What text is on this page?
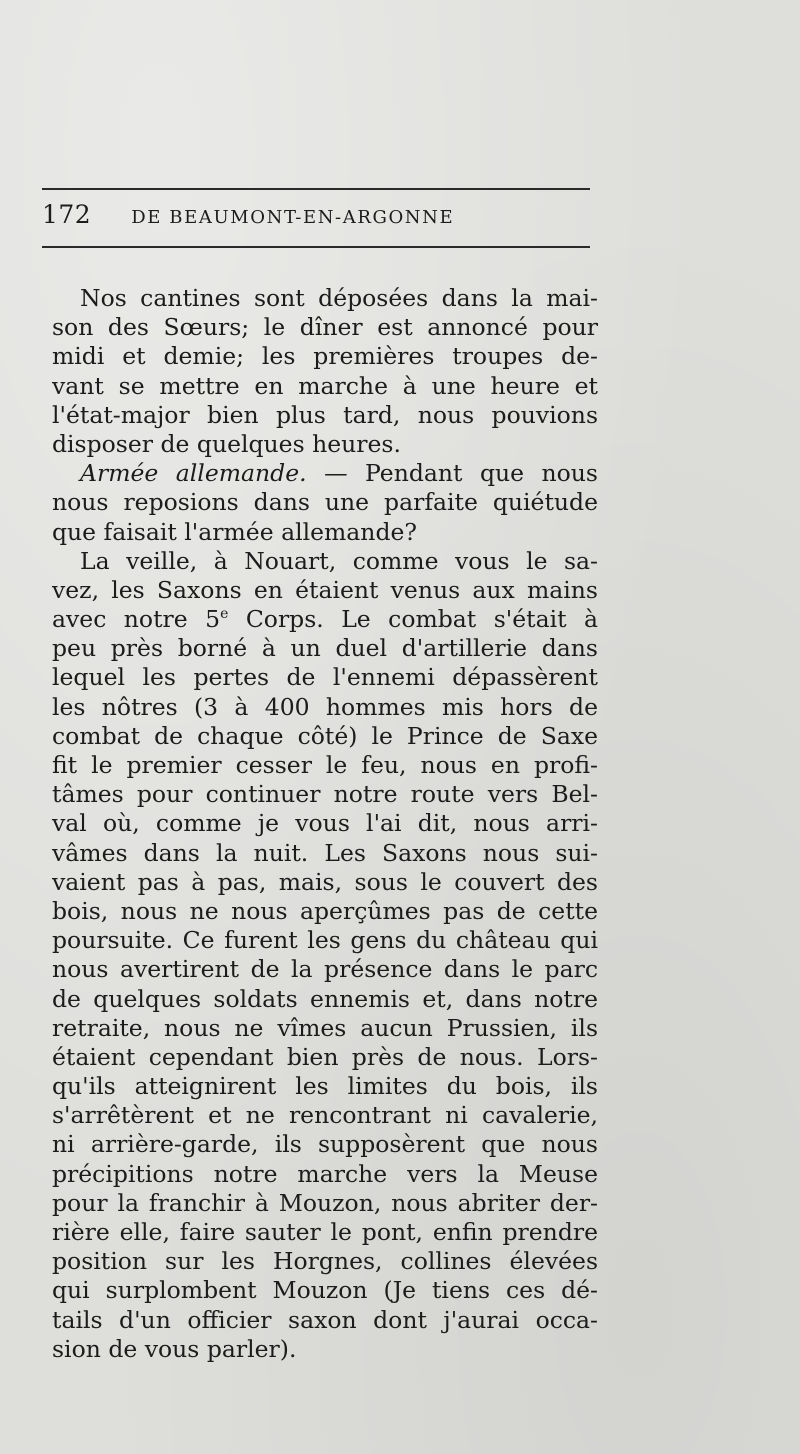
172 DE BEAUMONT-EN-ARGONNE
Nos cantines sont déposées dans la mai-
son des Sœurs; le dîner est annoncé pour
midi et demie; les premières troupes de-
vant se mettre en marche à une heure et
l'état-major bien plus tard, nous pouvions
disposer de quelques heures.
Armée allemande. — Pendant que nous
nous reposions dans une parfaite quiétude
que faisait l'armée allemande?
La veille, à Nouart, comme vous le sa-
vez, les Saxons en étaient venus aux mains
avec notre 5e Corps. Le combat s'était à
peu près borné à un duel d'artillerie dans
lequel les pertes de l'ennemi dépassèrent
les nôtres (3 à 400 hommes mis hors de
combat de chaque côté) le Prince de Saxe
fit le premier cesser le feu, nous en profi-
tâmes pour continuer notre route vers Bel-
val où, comme je vous l'ai dit, nous arri-
vâmes dans la nuit. Les Saxons nous sui-
vaient pas à pas, mais, sous le couvert des
bois, nous ne nous aperçûmes pas de cette
poursuite. Ce furent les gens du château qui
nous avertirent de la présence dans le parc
de quelques soldats ennemis et, dans notre
retraite, nous ne vîmes aucun Prussien, ils
étaient cependant bien près de nous. Lors-
qu'ils atteignirent les limites du bois, ils
s'arrêtèrent et ne rencontrant ni cavalerie,
ni arrière-garde, ils supposèrent que nous
précipitions notre marche vers la Meuse
pour la franchir à Mouzon, nous abriter der-
rière elle, faire sauter le pont, enfin prendre
position sur les Horgnes, collines élevées
qui surplombent Mouzon (Je tiens ces dé-
tails d'un officier saxon dont j'aurai occa-
sion de vous parler).
